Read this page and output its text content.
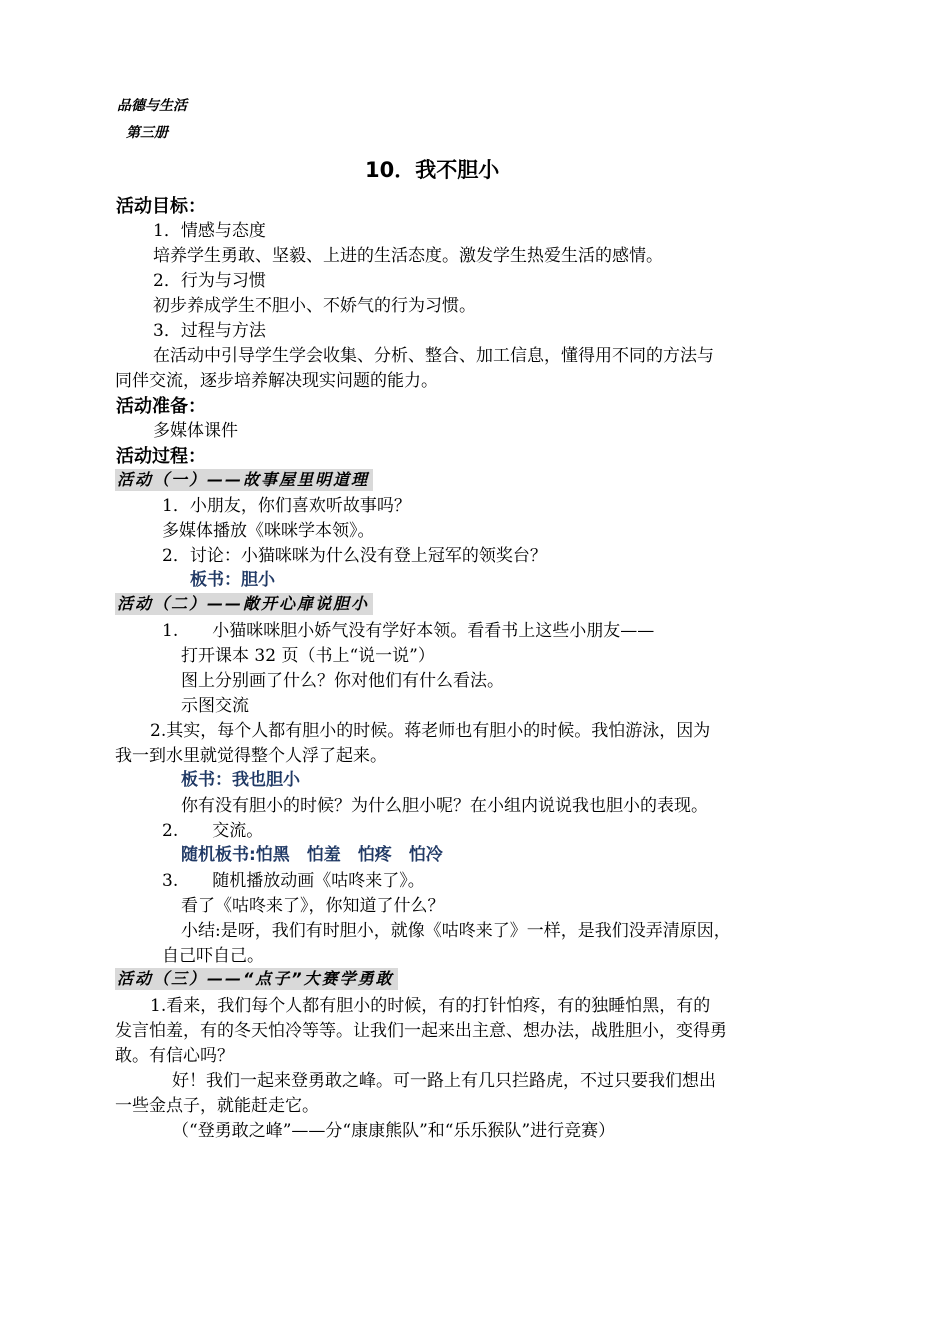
品德与生活
第三册
10．我不胆小
活动目标：
1．情感与态度
培养学生勇敢、坚毅、上进的生活态度。激发学生热爱生活的感情。
2．行为与习惯
初步养成学生不胆小、不娇气的行为习惯。
3．过程与方法
在活动中引导学生学会收集、分析、整合、加工信息，懂得用不同的方法与
同伴交流，逐步培养解决现实问题的能力。
活动准备：
多媒体课件
活动过程：
活动（一）——故事屋里明道理
1．小朋友，你们喜欢听故事吗？
多媒体播放《咪咪学本领》。
2．讨论：小猫咪咪为什么没有登上冠军的领奖台？
板书：胆小
活动（二）——敞开心扉说胆小
1.　　小猫咪咪胆小娇气没有学好本领。看看书上这些小朋友——
打开课本 32 页（书上“说一说”）
图上分别画了什么？你对他们有什么看法。
示图交流
2.其实，每个人都有胆小的时候。蒋老师也有胆小的时候。我怕游泳，因为
我一到水里就觉得整个人浮了起来。
板书：我也胆小
你有没有胆小的时候？为什么胆小呢？在小组内说说我也胆小的表现。
2.　　交流。
随机板书:怕黑　怕羞　怕疼　怕冷
3.　　随机播放动画《咕咚来了》。
看了《咕咚来了》，你知道了什么？
小结:是呀，我们有时胆小，就像《咕咚来了》一样，是我们没弄清原因，
自己吓自己。
活动（三）——“点子”大赛学勇敢
1.看来，我们每个人都有胆小的时候，有的打针怕疼，有的独睡怕黑，有的
发言怕羞，有的冬天怕冷等等。让我们一起来出主意、想办法，战胜胆小，变得勇
敢。有信心吗？
好！我们一起来登勇敢之峰。可一路上有几只拦路虎，不过只要我们想出
一些金点子，就能赶走它。
（“登勇敢之峰”——分“康康熊队”和“乐乐猴队”进行竞赛）
